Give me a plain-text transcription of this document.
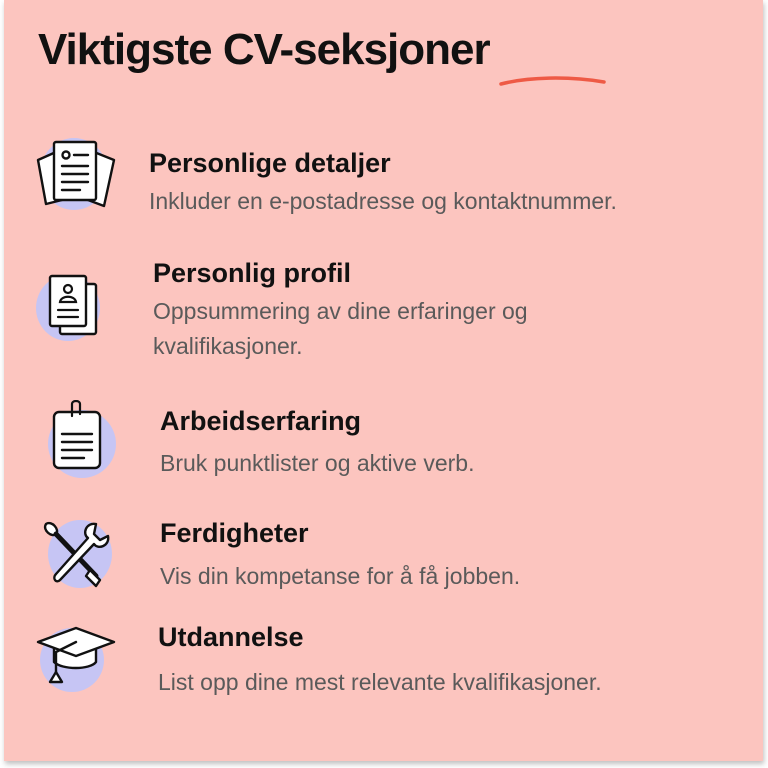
Viktigste CV-seksjoner
Personlige detaljer

Inkluder en e-postadresse og kontaktnummer.

Personlig profil

Oppsummering av dine erfaringer og kvalifikasjoner.

Arbeidserfaring

Bruk punktlister og aktive verb.

Ferdigheter

Vis din kompetanse for å få jobben.

Utdannelse

List opp dine mest relevante kvalifikasjoner.
